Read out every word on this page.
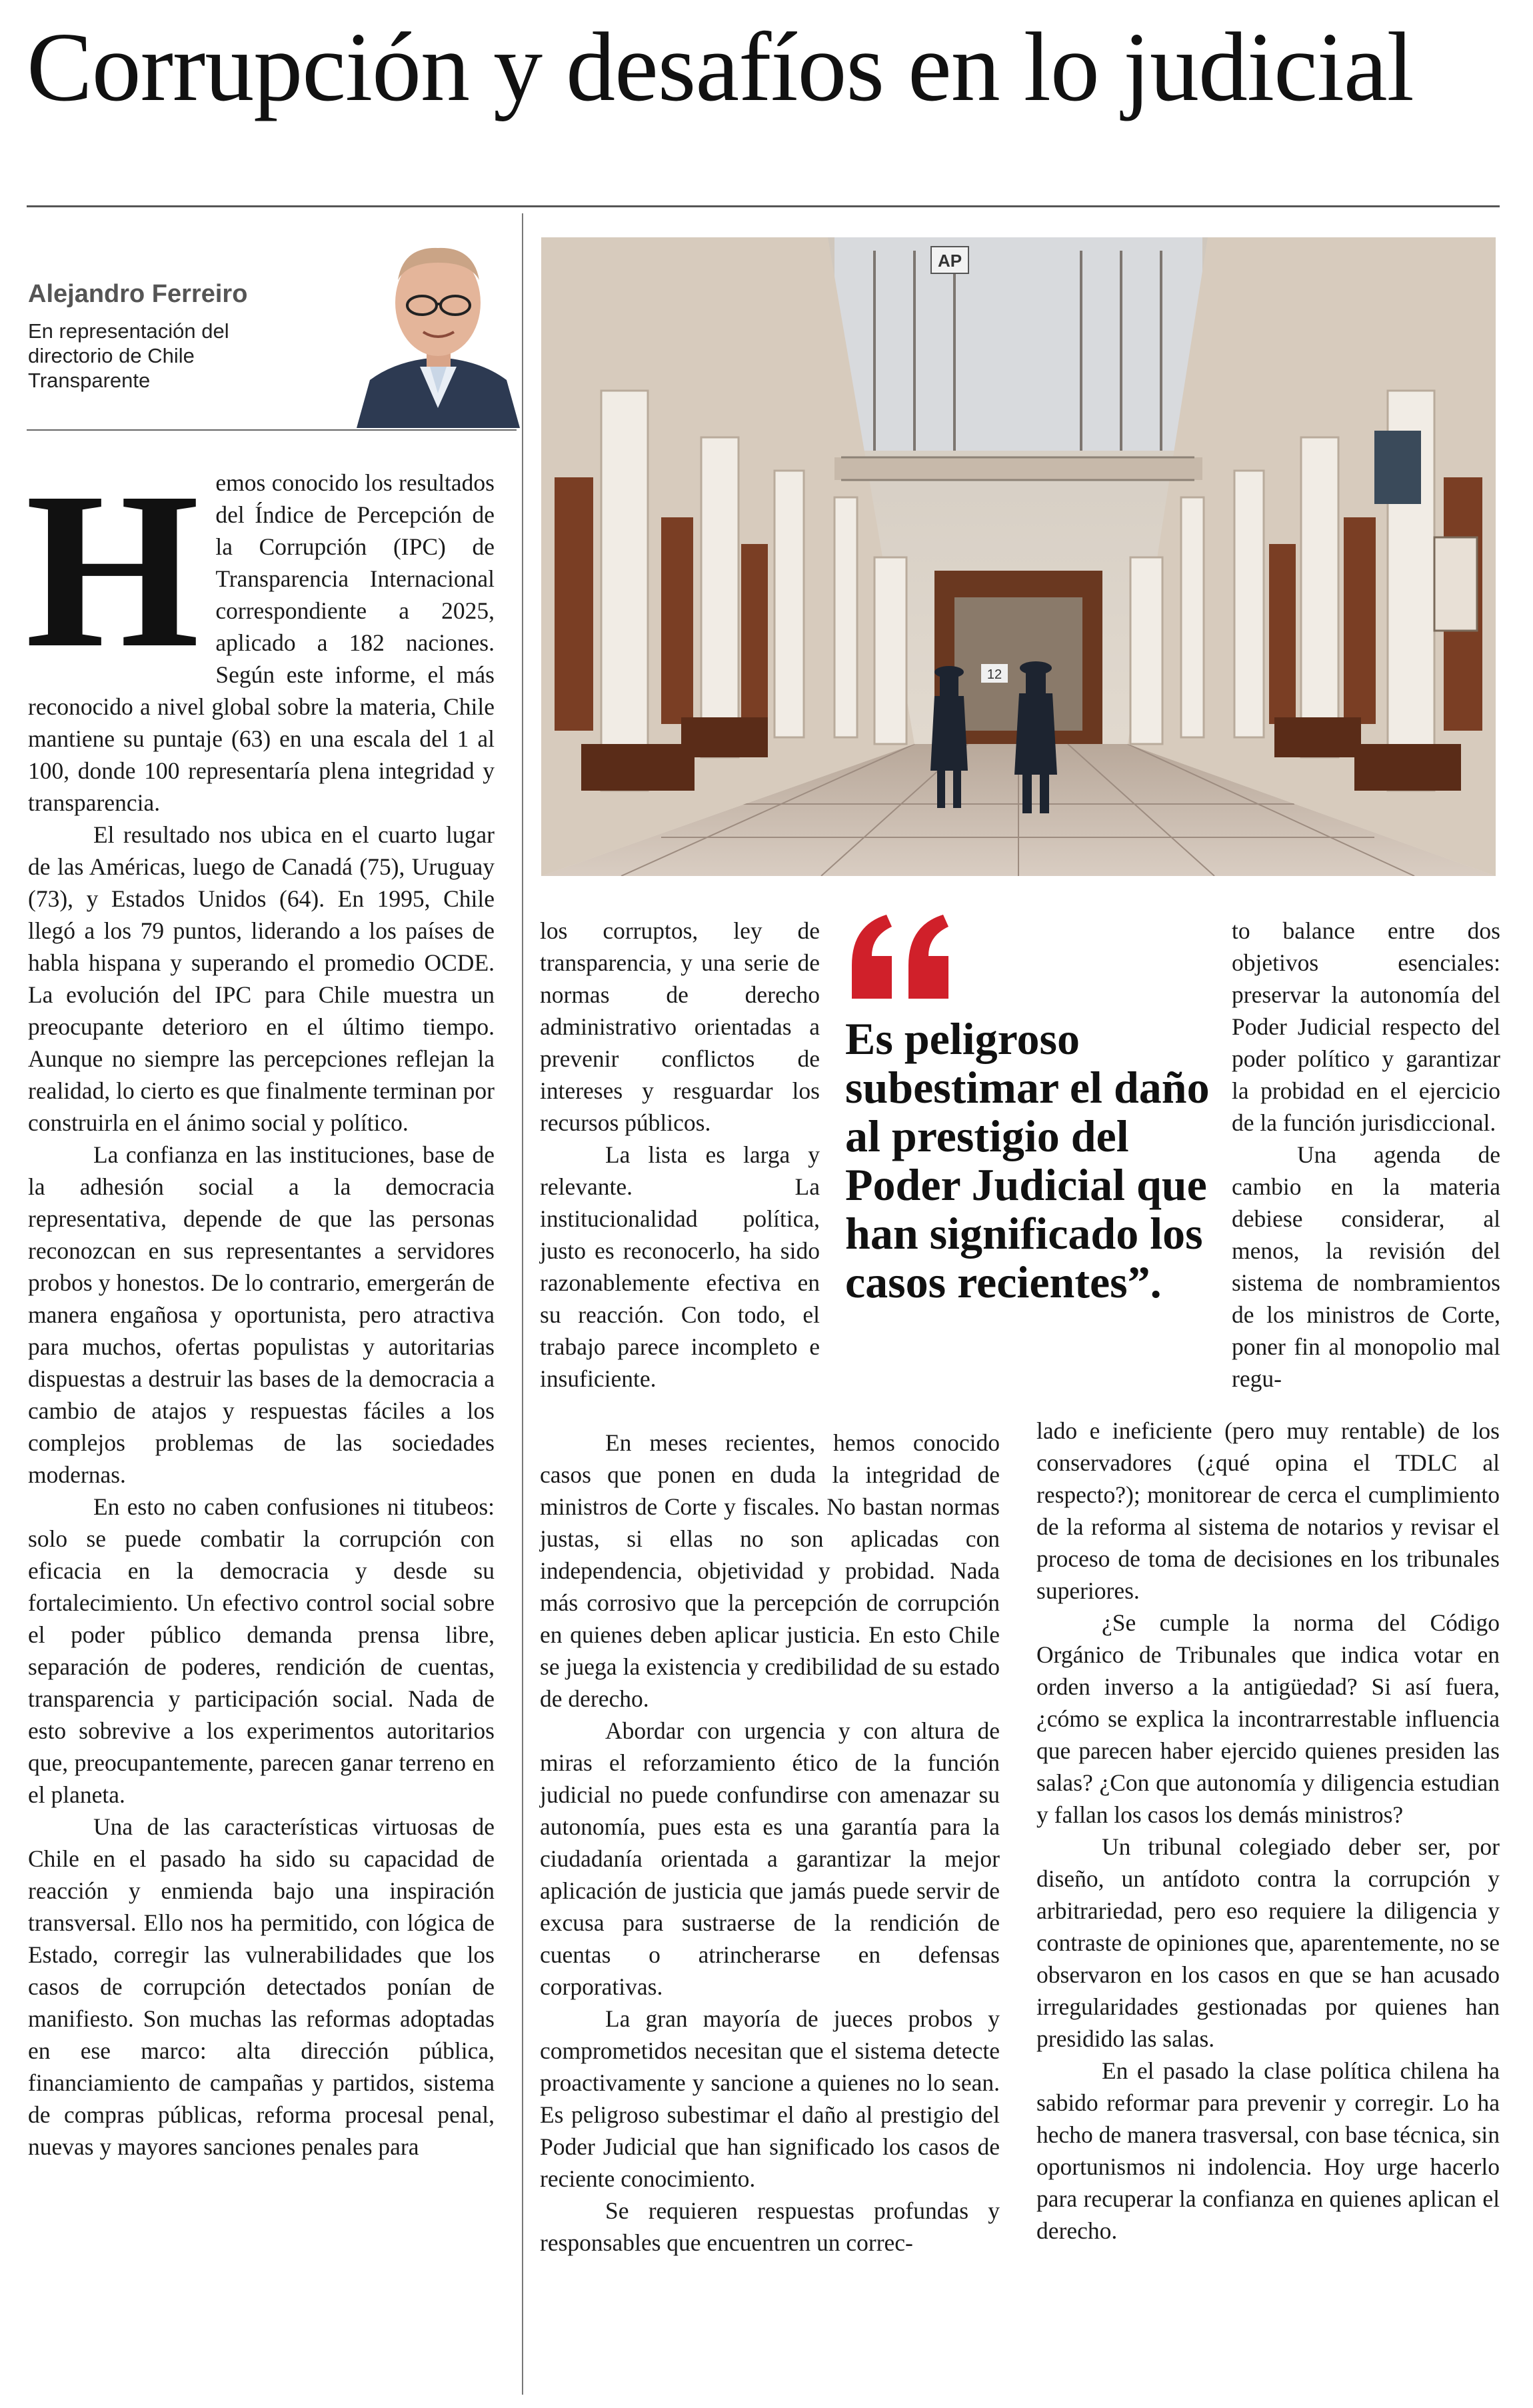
Corrupción y desafíos en lo judicial
Alejandro Ferreiro
En representación del directorio de Chile Transparente
AP
12
H emos conocido los resultados del Índice de Percepción de la Corrupción (IPC) de Transparencia Internacional correspondiente a 2025, aplicado a 182 naciones. Según este informe, el más reconocido a nivel global sobre la materia, Chile mantiene su puntaje (63) en una escala del 1 al 100, donde 100 representaría plena integridad y transparencia.

El resultado nos ubica en el cuarto lugar de las Américas, luego de Canadá (75), Uruguay (73), y Estados Unidos (64). En 1995, Chile llegó a los 79 puntos, liderando a los países de habla hispana y superando el promedio OCDE. La evolución del IPC para Chile muestra un preocupante deterioro en el último tiempo. Aunque no siempre las percepciones reflejan la realidad, lo cierto es que finalmente terminan por construirla en el ánimo social y político.

La confianza en las instituciones, base de la adhesión social a la democracia representativa, depende de que las personas reconozcan en sus representantes a servidores probos y honestos. De lo contrario, emergerán de manera engañosa y oportunista, pero atractiva para muchos, ofertas populistas y autoritarias dispuestas a destruir las bases de la democracia a cambio de atajos y respuestas fáciles a los complejos problemas de las sociedades modernas.

En esto no caben confusiones ni titubeos: solo se puede combatir la corrupción con eficacia en la democracia y desde su fortalecimiento. Un efectivo control social sobre el poder público demanda prensa libre, separación de poderes, rendición de cuentas, transparencia y participación social. Nada de esto sobrevive a los experimentos autoritarios que, preocupantemente, parecen ganar terreno en el planeta.

Una de las características virtuosas de Chile en el pasado ha sido su capacidad de reacción y enmienda bajo una inspiración transversal. Ello nos ha permitido, con lógica de Estado, corregir las vulnerabilidades que los casos de corrupción detectados ponían de manifiesto. Son muchas las reformas adoptadas en ese marco: alta dirección pública, financiamiento de campañas y partidos, sistema de compras públicas, reforma procesal penal, nuevas y mayores sanciones penales para

los corruptos, ley de transparencia, y una serie de normas de derecho administrativo orientadas a prevenir conflictos de intereses y resguardar los recursos públicos.

La lista es larga y relevante. La institucionalidad política, justo es reconocerlo, ha sido razonablemente efectiva en su reacción. Con todo, el trabajo parece incompleto e insuficiente.

En meses recientes, hemos conocido casos que ponen en duda la integridad de ministros de Corte y fiscales. No bastan normas justas, si ellas no son aplicadas con independencia, objetividad y probidad. Nada más corrosivo que la percepción de corrupción en quienes deben aplicar justicia. En esto Chile se juega la existencia y credibilidad de su estado de derecho.

Abordar con urgencia y con altura de miras el reforzamiento ético de la función judicial no puede confundirse con amenazar su autonomía, pues esta es una garantía para la ciudadanía orientada a garantizar la mejor aplicación de justicia que jamás puede servir de excusa para sustraerse de la rendición de cuentas o atrincherarse en defensas corporativas.

La gran mayoría de jueces probos y comprometidos necesitan que el sistema detecte proactivamente y sancione a quienes no lo sean. Es peligroso subestimar el daño al prestigio del Poder Judicial que han significado los casos de reciente conocimiento.

Se requieren respuestas profundas y responsables que encuentren un correc-

Es peligroso subestimar el daño al prestigio del Poder Judicial que han significado los casos recientes”.

to balance entre dos objetivos esenciales: preservar la autonomía del Poder Judicial respecto del poder político y garantizar la probidad en el ejercicio de la función jurisdiccional.

Una agenda de cambio en la materia debiese considerar, al menos, la revisión del sistema de nombramientos de los ministros de Corte, poner fin al monopolio mal regu-

lado e ineficiente (pero muy rentable) de los conservadores (¿qué opina el TDLC al respecto?); monitorear de cerca el cumplimiento de la reforma al sistema de notarios y revisar el proceso de toma de decisiones en los tribunales superiores.

¿Se cumple la norma del Código Orgánico de Tribunales que indica votar en orden inverso a la antigüedad? Si así fuera, ¿cómo se explica la incontrarrestable influencia que parecen haber ejercido quienes presiden las salas? ¿Con que autonomía y diligencia estudian y fallan los casos los demás ministros?

Un tribunal colegiado deber ser, por diseño, un antídoto contra la corrupción y arbitrariedad, pero eso requiere la diligencia y contraste de opiniones que, aparentemente, no se observaron en los casos en que se han acusado irregularidades gestionadas por quienes han presidido las salas.

En el pasado la clase política chilena ha sabido reformar para prevenir y corregir. Lo ha hecho de manera trasversal, con base técnica, sin oportunismos ni indolencia. Hoy urge hacerlo para recuperar la confianza en quienes aplican el derecho.
